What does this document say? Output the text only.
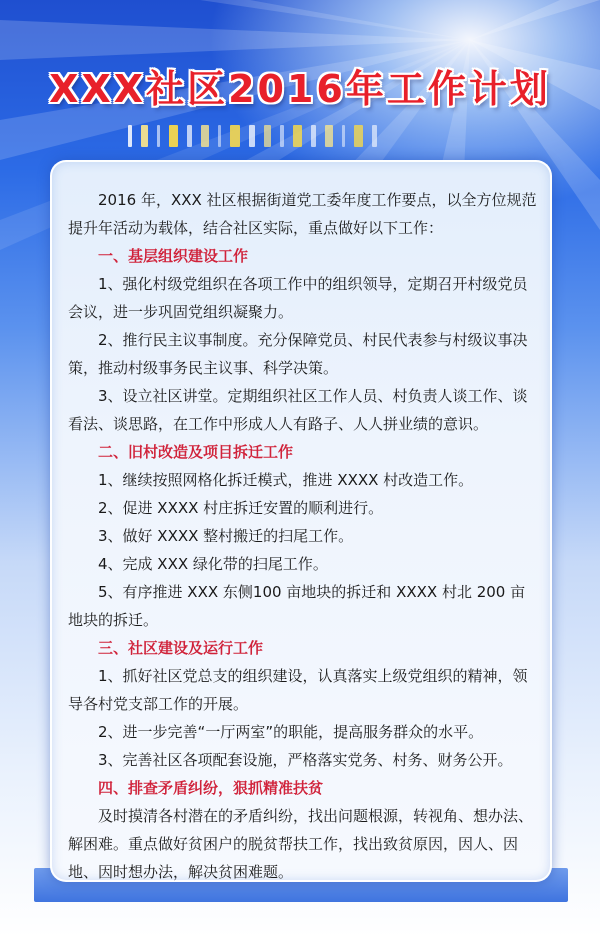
XXX社区2016年工作计划

2016 年，XXX 社区根据街道党工委年度工作要点，以全方位规范提升年活动为载体，结合社区实际，重点做好以下工作：

一、基层组织建设工作

1、强化村级党组织在各项工作中的组织领导，定期召开村级党员会议，进一步巩固党组织凝聚力。

2、推行民主议事制度。充分保障党员、村民代表参与村级议事决策，推动村级事务民主议事、科学决策。

3、设立社区讲堂。定期组织社区工作人员、村负责人谈工作、谈看法、谈思路，在工作中形成人人有路子、人人拼业绩的意识。

二、旧村改造及项目拆迁工作

1、继续按照网格化拆迁模式，推进 XXXX 村改造工作。

2、促进 XXXX 村庄拆迁安置的顺利进行。

3、做好 XXXX 整村搬迁的扫尾工作。

4、完成 XXX 绿化带的扫尾工作。

5、有序推进 XXX 东侧100 亩地块的拆迁和 XXXX 村北 200 亩地块的拆迁。

三、社区建设及运行工作

1、抓好社区党总支的组织建设，认真落实上级党组织的精神，领导各村党支部工作的开展。

2、进一步完善“一厅两室”的职能，提高服务群众的水平。

3、完善社区各项配套设施，严格落实党务、村务、财务公开。

四、排查矛盾纠纷，狠抓精准扶贫

及时摸清各村潜在的矛盾纠纷，找出问题根源，转视角、想办法、解困难。重点做好贫困户的脱贫帮扶工作，找出致贫原因，因人、因地、因时想办法，解决贫困难题。
